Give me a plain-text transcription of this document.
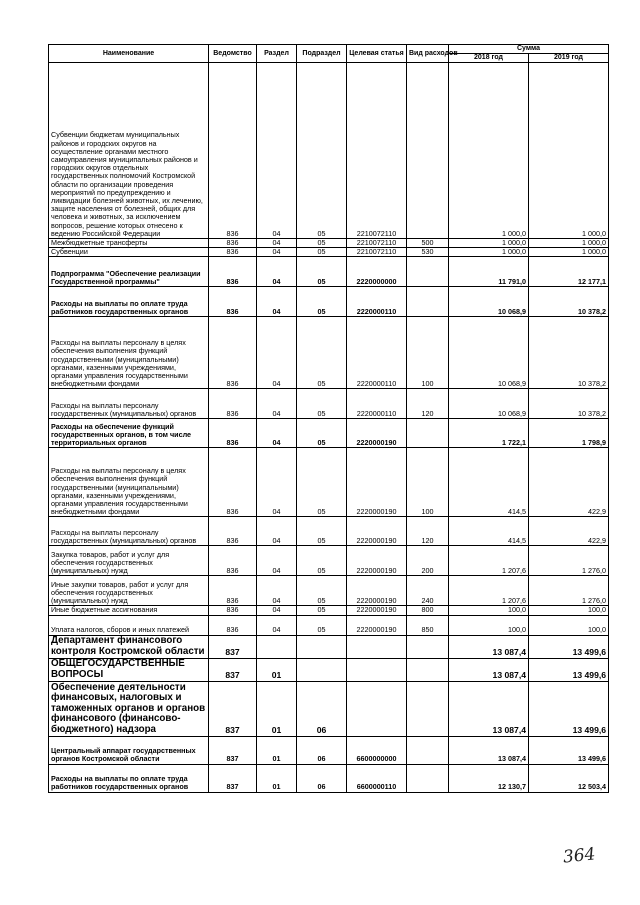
Наименование	Ведомство	Раздел	Подраздел	Целевая статья	Вид расходов	Сумма	
						2018 год	2019 год
Субвенции бюджетам муниципальных районов и городских округов на осуществление органами местного самоуправления муниципальных районов и городских округов отдельных государственных полномочий Костромской области по организации проведения мероприятий по предупреждению и ликвидации болезней животных, их лечению, защите населения от болезней, общих для человека и животных, за исключением вопросов, решение которых отнесено к ведению Российской Федерации	836	04	05	2210072110		1 000,0	1 000,0
Межбюджетные трансферты	836	04	05	2210072110	500	1 000,0	1 000,0
Субвенции	836	04	05	2210072110	530	1 000,0	1 000,0
Подпрограмма "Обеспечение реализации Государственной программы"	836	04	05	2220000000		11 791,0	12 177,1
Расходы на выплаты по оплате труда работников государственных органов	836	04	05	2220000110		10 068,9	10 378,2
Расходы на выплаты персоналу в целях обеспечения выполнения функций государственными (муниципальными) органами, казенными учреждениями, органами управления государственными внебюджетными фондами	836	04	05	2220000110	100	10 068,9	10 378,2
Расходы на выплаты персоналу государственных (муниципальных) органов	836	04	05	2220000110	120	10 068,9	10 378,2
Расходы на обеспечение функций государственных органов, в том числе территориальных органов	836	04	05	2220000190		1 722,1	1 798,9
Расходы на выплаты персоналу в целях обеспечения выполнения функций государственными (муниципальными) органами, казенными учреждениями, органами управления государственными внебюджетными фондами	836	04	05	2220000190	100	414,5	422,9
Расходы на выплаты персоналу государственных (муниципальных) органов	836	04	05	2220000190	120	414,5	422,9
Закупка товаров, работ и услуг для обеспечения государственных (муниципальных) нужд	836	04	05	2220000190	200	1 207,6	1 276,0
Иные закупки товаров, работ и услуг для обеспечения государственных (муниципальных) нужд	836	04	05	2220000190	240	1 207,6	1 276,0
Иные бюджетные ассигнования	836	04	05	2220000190	800	100,0	100,0
Уплата налогов, сборов и иных платежей	836	04	05	2220000190	850	100,0	100,0
Департамент финансового контроля Костромской области	837					13 087,4	13 499,6
ОБЩЕГОСУДАРСТВЕННЫЕ ВОПРОСЫ	837	01				13 087,4	13 499,6
Обеспечение деятельности финансовых, налоговых и таможенных органов и органов финансового (финансово-бюджетного) надзора	837	01	06			13 087,4	13 499,6
Центральный аппарат государственных органов Костромской области	837	01	06	6600000000		13 087,4	13 499,6
Расходы на выплаты по оплате труда работников государственных органов	837	01	06	6600000110		12 130,7	12 503,4
364
